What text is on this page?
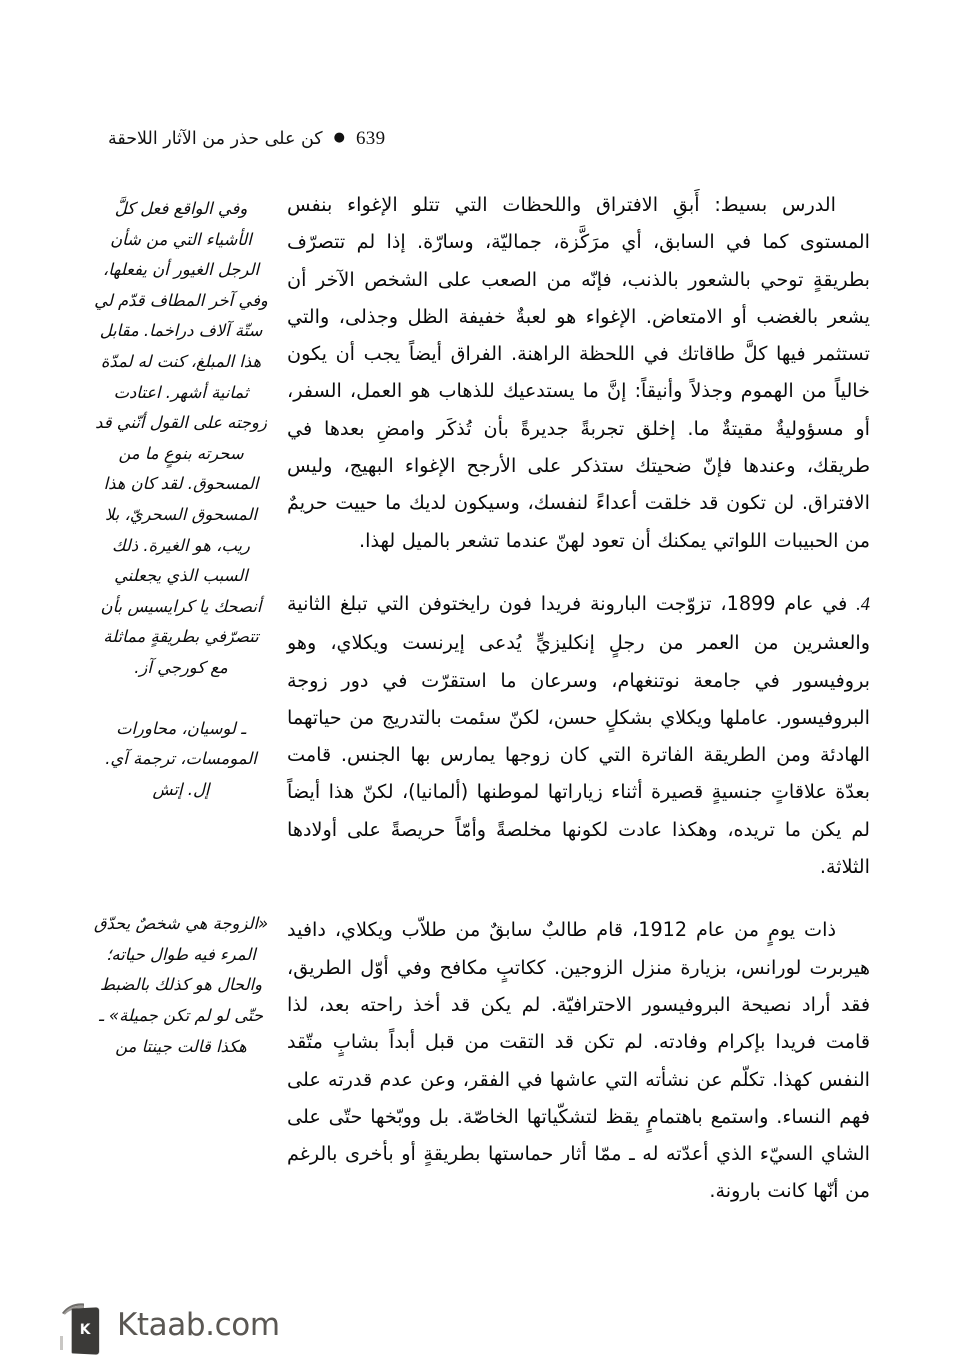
كن على حذر من الآثار اللاحقة ● 639

الدرس بسيط: أَبقِ الافتراق واللحظات التي تتلو الإغواء بنفس المستوى كما في السابق، أي مرَكَّزة، جماليّة، وسارّة. إذا لم تتصرّف بطريقةٍ توحي بالشعور بالذنب، فإنّه من الصعب على الشخص الآخر أن يشعر بالغضب أو الامتعاض. الإغواء هو لعبةٌ خفيفة الظل وجذلى، والتي تستثمر فيها كلَّ طاقاتك في اللحظة الراهنة. الفراق أيضاً يجب أن يكون خالياً من الهموم وجذلاً وأنيقاً: إنَّ ما يستدعيك للذهاب هو العمل، السفر، أو مسؤوليةٌ مقيتةٌ ما. إخلق تجربةً جديرةً بأن تُذكَر وامضِ بعدها في طريقك، وعندها فإنّ ضحيتك ستذكر على الأرجح الإغواء البهيج، وليس الافتراق. لن تكون قد خلقت أعداءً لنفسك، وسيكون لديك ما حييت حريمٌ من الحبيبات اللواتي يمكنك أن تعود لهنّ عندما تشعر بالميل لهذا.

4. في عام 1899، تزوّجت البارونة فريدا فون رايختوفن التي تبلغ الثانية والعشرين من العمر من رجلٍ إنكليزيٍّ يُدعى إيرنست ويكلاي، وهو بروفيسور في جامعة نوتنغهام، وسرعان ما استقرّت في دور زوجة البروفيسور. عاملها ويكلاي بشكلٍ حسن، لكنّ سئمت بالتدريج من حياتهما الهادئة ومن الطريقة الفاترة التي كان زوجها يمارس بها الجنس. قامت بعدّة علاقاتٍ جنسيةٍ قصيرة أثناء زياراتها لموطنها (ألمانيا)، لكنّ هذا أيضاً لم يكن ما تريده، وهكذا عادت لكونها مخلصةً وأمّاً حريصةً على أولادها الثلاثة.

ذات يومٍ من عام 1912، قام طالبٌ سابقٌ من طلاّب ويكلاي، دافيد هيربرت لورانس، بزيارة منزل الزوجين. ككاتبٍ مكافح وفي أوّل الطريق، فقد أراد نصيحة البروفيسور الاحترافيّة. لم يكن قد أخذ راحته بعد، لذا قامت فريدا بإكرام وفادته. لم تكن قد التقت من قبل أبداً بشابٍ متّقد النفس كهذا. تكلّم عن نشأته التي عاشها في الفقر، وعن عدم قدرته على فهم النساء. واستمع باهتمامٍ يقظ لتشكّياتها الخاصّة. بل ووبّخها حتّى على الشاي السيّء الذي أعدّته له ـ ممّا أثار حماستها بطريقةٍ أو بأخرى بالرغم من أنّها كانت بارونة.

وفي الواقع فعل كلَّ الأشياء التي من شأن الرجل الغيور أن يفعلها، وفي آخر المطاف قدّم لي ستّة آلاف دراخما. مقابل هذا المبلغ، كنت له لمدّة ثمانية أشهر. اعتادت زوجته على القول أنّني قد سحرته بنوعٍ ما من المسحوق. لقد كان هذا المسحوق السحريّ، بلا ريب، هو الغيرة. ذلك السبب الذي يجعلني أنصحك يا كرايسيس بأن تتصرّفي بطريقةٍ مماثلة مع كورجي آز.
ـ لوسيان، محاورات المومسات، ترجمة آي. إل. إتش
«الزوجة هي شخصٌ يحدّق المرء فيه طوال حياته؛ والحال هو كذلك بالضبط حتّى لو لم تكن جميلة» ـ هكذا قالت جينتا من
K Ktaab.com
